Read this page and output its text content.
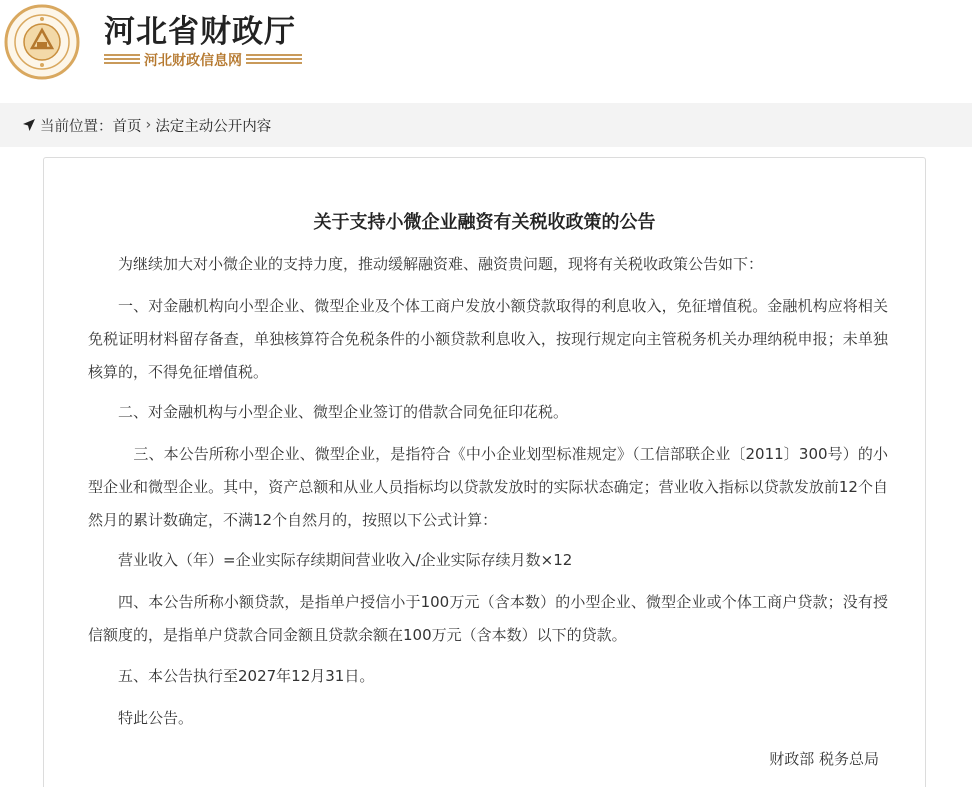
河北省财政厅
河北财政信息网
当前位置： 首页 › 法定主动公开内容
关于支持小微企业融资有关税收政策的公告

为继续加大对小微企业的支持力度，推动缓解融资难、融资贵问题，现将有关税收政策公告如下：

一、对金融机构向小型企业、微型企业及个体工商户发放小额贷款取得的利息收入，免征增值税。金融机构应将相关免税证明材料留存备查，单独核算符合免税条件的小额贷款利息收入，按现行规定向主管税务机关办理纳税申报；未单独核算的，不得免征增值税。

二、对金融机构与小型企业、微型企业签订的借款合同免征印花税。

　　　三、本公告所称小型企业、微型企业，是指符合《中小企业划型标准规定》（工信部联企业〔2011〕300号）的小型企业和微型企业。其中，资产总额和从业人员指标均以贷款发放时的实际状态确定；营业收入指标以贷款发放前12个自然月的累计数确定，不满12个自然月的，按照以下公式计算：

营业收入（年）=企业实际存续期间营业收入/企业实际存续月数×12

四、本公告所称小额贷款，是指单户授信小于100万元（含本数）的小型企业、微型企业或个体工商户贷款；没有授信额度的，是指单户贷款合同金额且贷款余额在100万元（含本数）以下的贷款。

五、本公告执行至2027年12月31日。

特此公告。

财政部 税务总局
